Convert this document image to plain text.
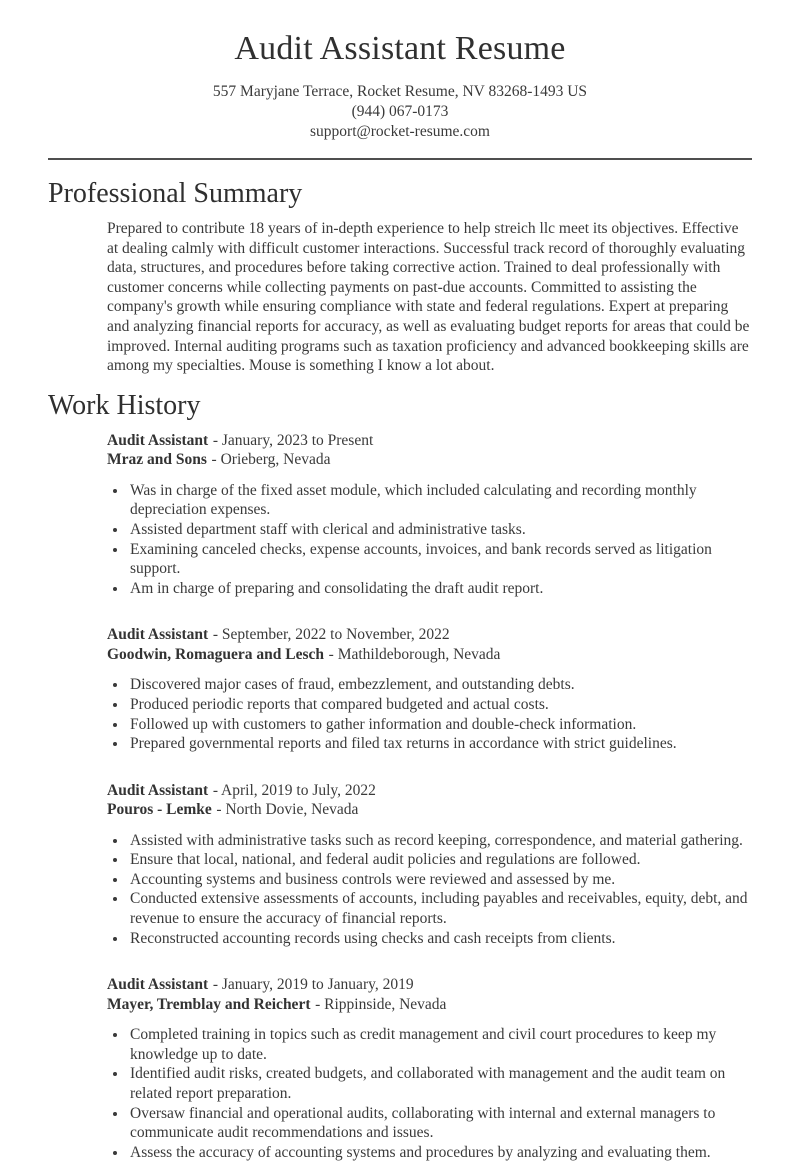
Audit Assistant Resume
557 Maryjane Terrace, Rocket Resume, NV 83268-1493 US
(944) 067-0173
support@rocket-resume.com
Professional Summary
Prepared to contribute 18 years of in-depth experience to help streich llc meet its objectives. Effective at dealing calmly with difficult customer interactions. Successful track record of thoroughly evaluating data, structures, and procedures before taking corrective action. Trained to deal professionally with customer concerns while collecting payments on past-due accounts. Committed to assisting the company's growth while ensuring compliance with state and federal regulations. Expert at preparing and analyzing financial reports for accuracy, as well as evaluating budget reports for areas that could be improved. Internal auditing programs such as taxation proficiency and advanced bookkeeping skills are among my specialties. Mouse is something I know a lot about.
Work History
Audit Assistant - January, 2023 to Present
Mraz and Sons - Orieberg, Nevada
• Was in charge of the fixed asset module, which included calculating and recording monthly depreciation expenses.
• Assisted department staff with clerical and administrative tasks.
• Examining canceled checks, expense accounts, invoices, and bank records served as litigation support.
• Am in charge of preparing and consolidating the draft audit report.
Audit Assistant - September, 2022 to November, 2022
Goodwin, Romaguera and Lesch - Mathildeborough, Nevada
• Discovered major cases of fraud, embezzlement, and outstanding debts.
• Produced periodic reports that compared budgeted and actual costs.
• Followed up with customers to gather information and double-check information.
• Prepared governmental reports and filed tax returns in accordance with strict guidelines.
Audit Assistant - April, 2019 to July, 2022
Pouros - Lemke - North Dovie, Nevada
• Assisted with administrative tasks such as record keeping, correspondence, and material gathering.
• Ensure that local, national, and federal audit policies and regulations are followed.
• Accounting systems and business controls were reviewed and assessed by me.
• Conducted extensive assessments of accounts, including payables and receivables, equity, debt, and revenue to ensure the accuracy of financial reports.
• Reconstructed accounting records using checks and cash receipts from clients.
Audit Assistant - January, 2019 to January, 2019
Mayer, Tremblay and Reichert - Rippinside, Nevada
• Completed training in topics such as credit management and civil court procedures to keep my knowledge up to date.
• Identified audit risks, created budgets, and collaborated with management and the audit team on related report preparation.
• Oversaw financial and operational audits, collaborating with internal and external managers to communicate audit recommendations and issues.
• Assess the accuracy of accounting systems and procedures by analyzing and evaluating them.
